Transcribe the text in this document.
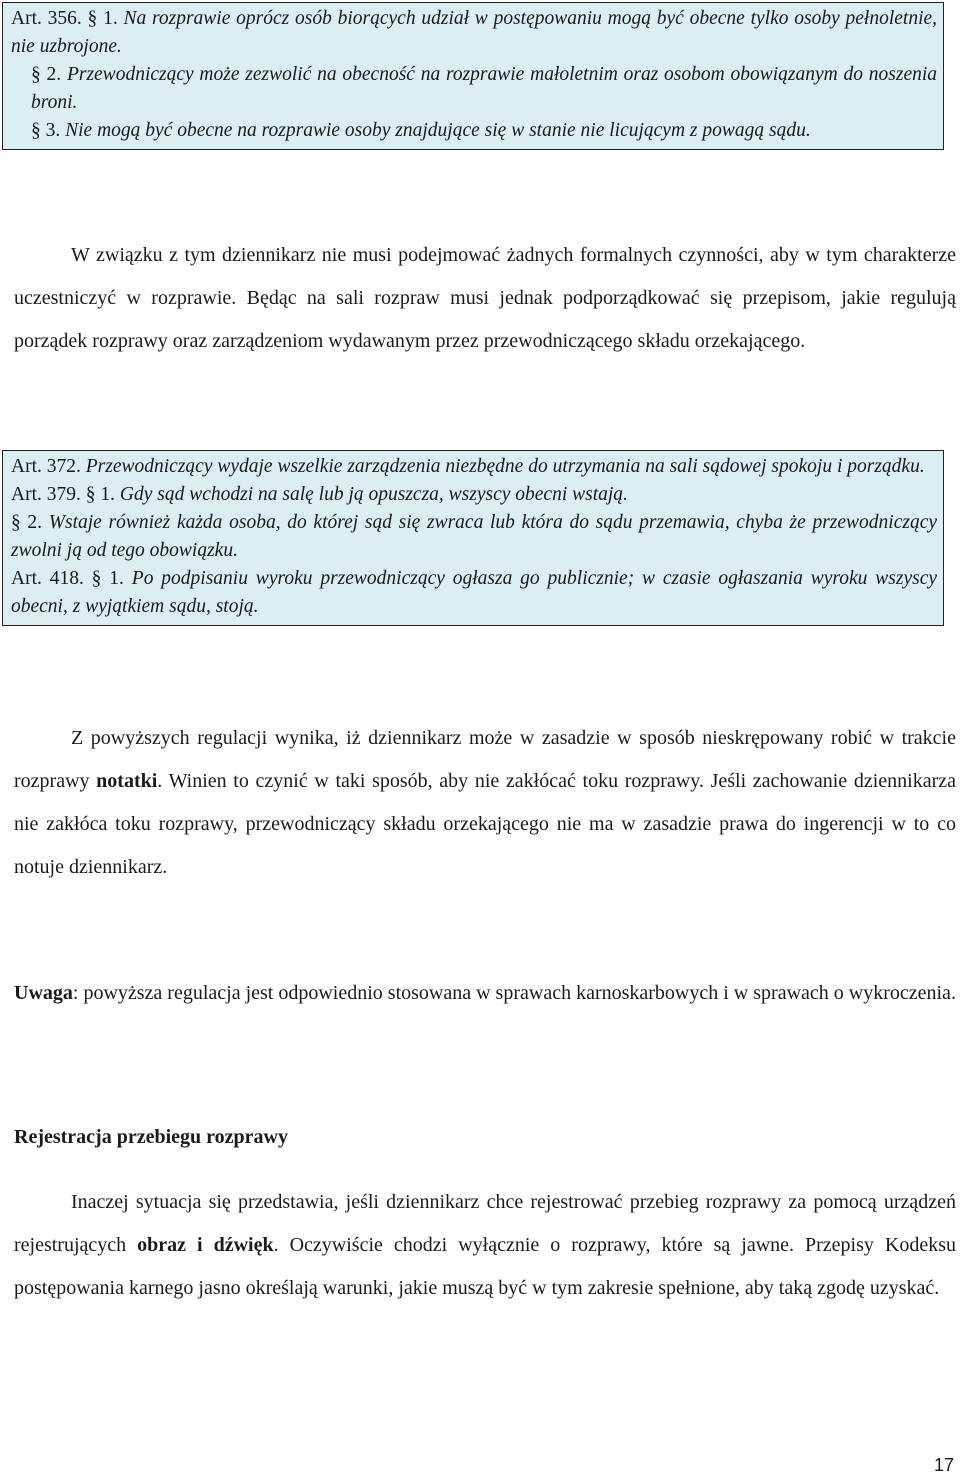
Art. 356. § 1. Na rozprawie oprócz osób biorących udział w postępowaniu mogą być obecne tylko osoby pełnoletnie, nie uzbrojone.

§ 2. Przewodniczący może zezwolić na obecność na rozprawie małoletnim oraz osobom obowiązanym do noszenia broni.

§ 3. Nie mogą być obecne na rozprawie osoby znajdujące się w stanie nie licującym z powagą sądu.

W związku z tym dziennikarz nie musi podejmować żadnych formalnych czynności, aby w tym charakterze uczestniczyć w rozprawie. Będąc na sali rozpraw musi jednak podporządkować się przepisom, jakie regulują porządek rozprawy oraz zarządzeniom wydawanym przez przewodniczącego składu orzekającego.

Art. 372. Przewodniczący wydaje wszelkie zarządzenia niezbędne do utrzymania na sali sądowej spokoju i porządku.

Art. 379. § 1. Gdy sąd wchodzi na salę lub ją opuszcza, wszyscy obecni wstają.

§ 2. Wstaje również każda osoba, do której sąd się zwraca lub która do sądu przemawia, chyba że przewodniczący zwolni ją od tego obowiązku.

Art. 418. § 1. Po podpisaniu wyroku przewodniczący ogłasza go publicznie; w czasie ogłaszania wyroku wszyscy obecni, z wyjątkiem sądu, stoją.

Z powyższych regulacji wynika, iż dziennikarz może w zasadzie w sposób nieskrępowany robić w trakcie rozprawy notatki. Winien to czynić w taki sposób, aby nie zakłócać toku rozprawy. Jeśli zachowanie dziennikarza nie zakłóca toku rozprawy, przewodniczący składu orzekającego nie ma w zasadzie prawa do ingerencji w to co notuje dziennikarz.

Uwaga: powyższa regulacja jest odpowiednio stosowana w sprawach karnoskarbowych i w sprawach o wykroczenia.

Rejestracja przebiegu rozprawy

Inaczej sytuacja się przedstawia, jeśli dziennikarz chce rejestrować przebieg rozprawy za pomocą urządzeń rejestrujących obraz i dźwięk. Oczywiście chodzi wyłącznie o rozprawy, które są jawne. Przepisy Kodeksu postępowania karnego jasno określają warunki, jakie muszą być w tym zakresie spełnione, aby taką zgodę uzyskać.

17
